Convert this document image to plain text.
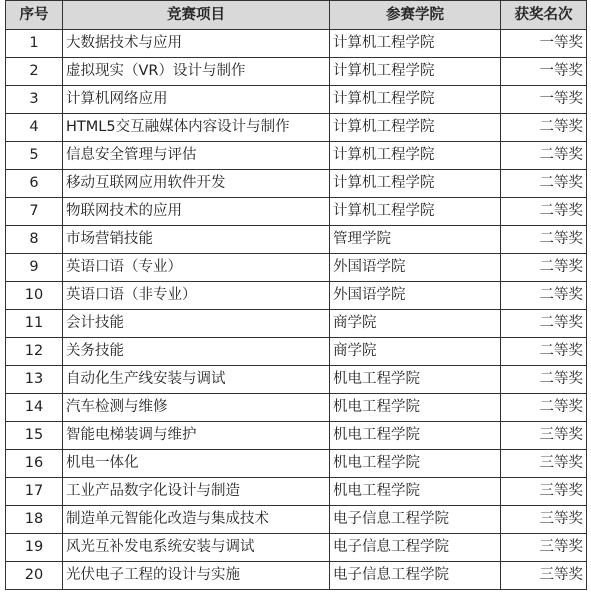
序号	竞赛项目	参赛学院	获奖名次
1	大数据技术与应用	计算机工程学院	一等奖
2	虚拟现实（VR）设计与制作	计算机工程学院	一等奖
3	计算机网络应用	计算机工程学院	一等奖
4	HTML5交互融媒体内容设计与制作	计算机工程学院	二等奖
5	信息安全管理与评估	计算机工程学院	二等奖
6	移动互联网应用软件开发	计算机工程学院	二等奖
7	物联网技术的应用	计算机工程学院	二等奖
8	市场营销技能	管理学院	二等奖
9	英语口语（专业）	外国语学院	二等奖
10	英语口语（非专业）	外国语学院	二等奖
11	会计技能	商学院	二等奖
12	关务技能	商学院	二等奖
13	自动化生产线安装与调试	机电工程学院	二等奖
14	汽车检测与维修	机电工程学院	二等奖
15	智能电梯装调与维护	机电工程学院	三等奖
16	机电一体化	机电工程学院	三等奖
17	工业产品数字化设计与制造	机电工程学院	三等奖
18	制造单元智能化改造与集成技术	电子信息工程学院	三等奖
19	风光互补发电系统安装与调试	电子信息工程学院	三等奖
20	光伏电子工程的设计与实施	电子信息工程学院	三等奖
